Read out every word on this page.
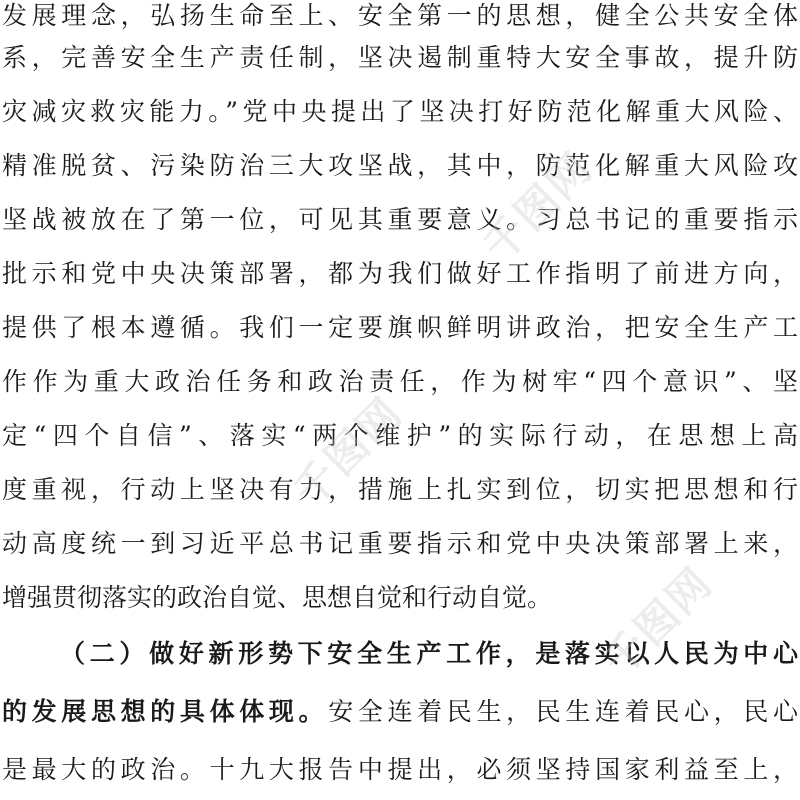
发展理念，弘扬生命至上、安全第一的思想，健全公共安全体
系，完善安全生产责任制，坚决遏制重特大安全事故，提升防
灾减灾救灾能力。”党中央提出了坚决打好防范化解重大风险、
精准脱贫、污染防治三大攻坚战，其中，防范化解重大风险攻
坚战被放在了第一位，可见其重要意义。习总书记的重要指示
批示和党中央决策部署，都为我们做好工作指明了前进方向，
提供了根本遵循。我们一定要旗帜鲜明讲政治，把安全生产工
作作为重大政治任务和政治责任，作为树牢“四个意识”、坚
定“四个自信”、落实“两个维护”的实际行动，在思想上高
度重视，行动上坚决有力，措施上扎实到位，切实把思想和行
动高度统一到习近平总书记重要指示和党中央决策部署上来，
增强贯彻落实的政治自觉、思想自觉和行动自觉。
（二）做好新形势下安全生产工作，是落实以人民为中心
的发展思想的具体体现。安全连着民生，民生连着民心，民心
是最大的政治。十九大报告中提出，必须坚持国家利益至上，
千图网
千图网
千图网
